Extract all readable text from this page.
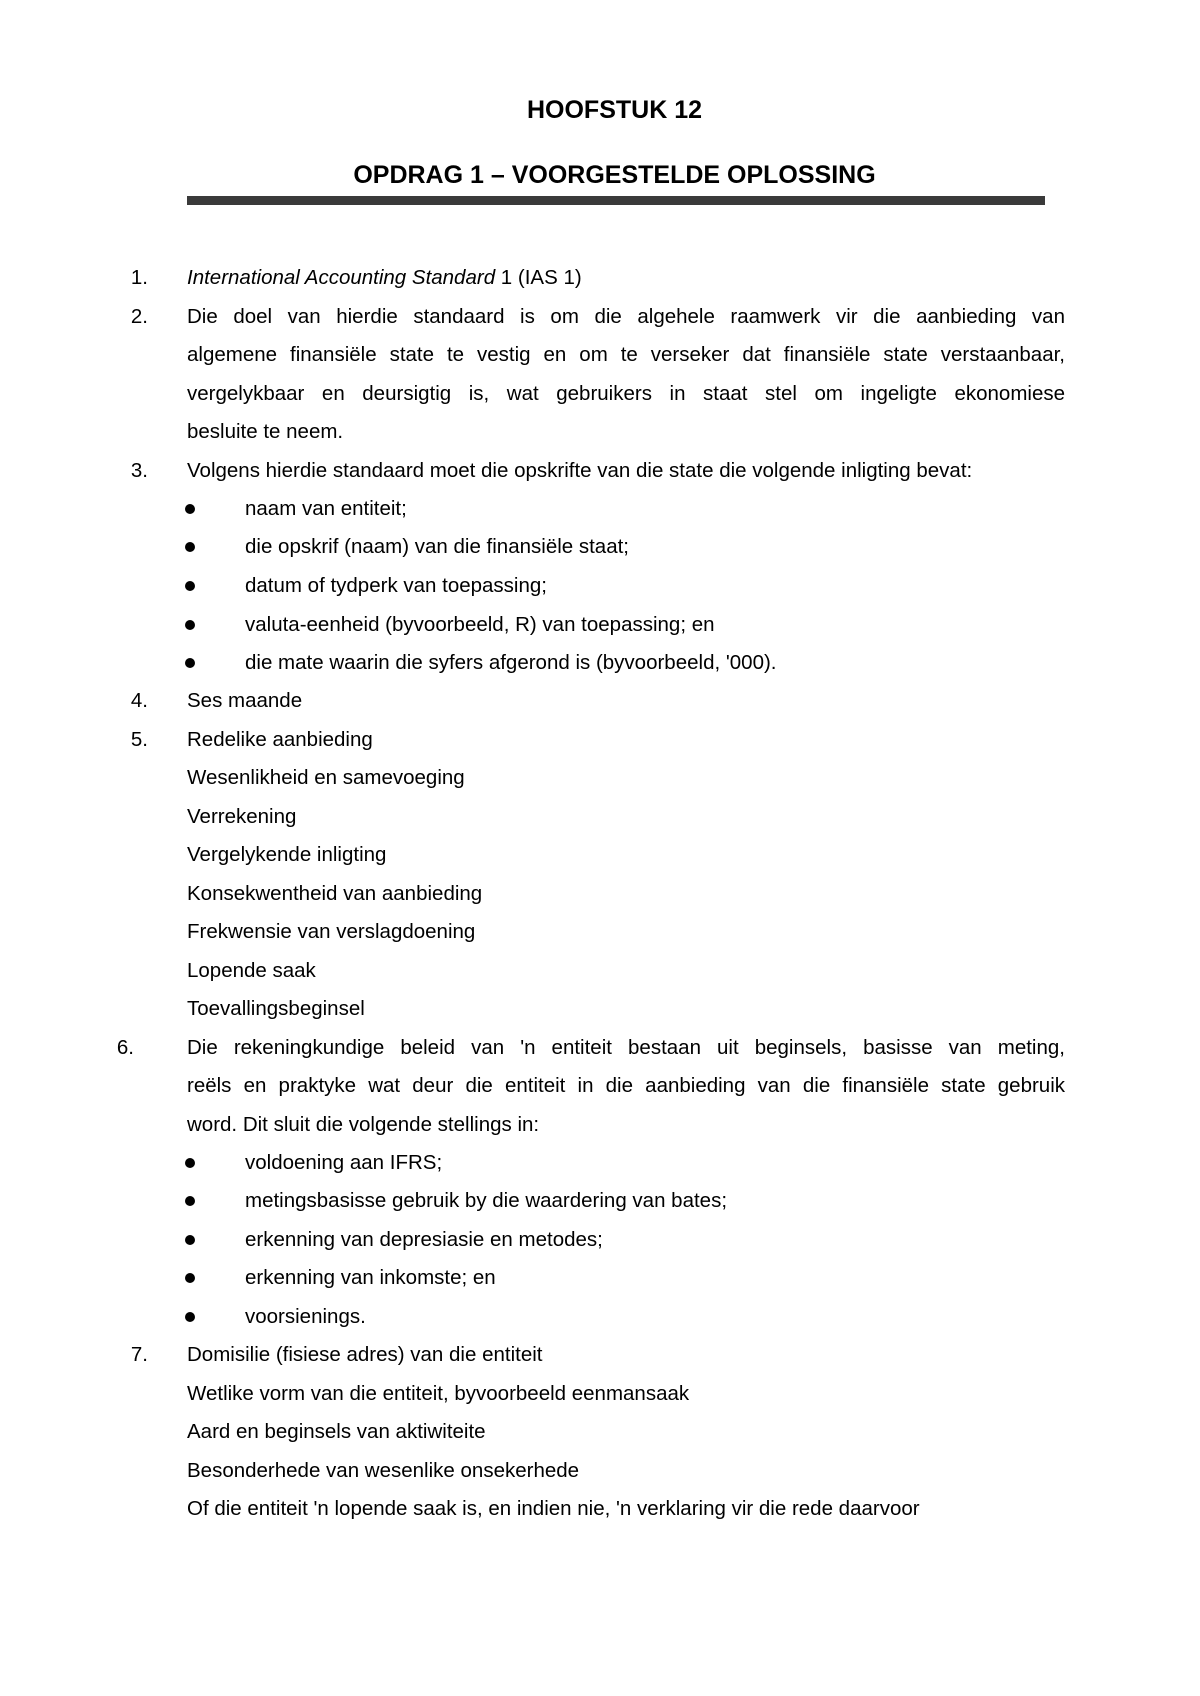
HOOFSTUK 12
OPDRAG 1 – VOORGESTELDE OPLOSSING
1. International Accounting Standard 1 (IAS 1)
2. Die doel van hierdie standaard is om die algehele raamwerk vir die aanbieding van
algemene finansiële state te vestig en om te verseker dat finansiële state verstaanbaar,
vergelykbaar en deursigtig is, wat gebruikers in staat stel om ingeligte ekonomiese
besluite te neem.
3. Volgens hierdie standaard moet die opskrifte van die state die volgende inligting bevat:
naam van entiteit;
die opskrif (naam) van die finansiële staat;
datum of tydperk van toepassing;
valuta-eenheid (byvoorbeeld, R) van toepassing; en
die mate waarin die syfers afgerond is (byvoorbeeld, '000).
4. Ses maande
5. Redelike aanbieding
Wesenlikheid en samevoeging
Verrekening
Vergelykende inligting
Konsekwentheid van aanbieding
Frekwensie van verslagdoening
Lopende saak
Toevallingsbeginsel
6.	Die rekeningkundige beleid van 'n entiteit bestaan uit beginsels, basisse van meting,
reëls en praktyke wat deur die entiteit in die aanbieding van die finansiële state gebruik
word. Dit sluit die volgende stellings in:
voldoening aan IFRS;
metingsbasisse gebruik by die waardering van bates;
erkenning van depresiasie en metodes;
erkenning van inkomste; en
voorsienings.
7. Domisilie (fisiese adres) van die entiteit
Wetlike vorm van die entiteit, byvoorbeeld eenmansaak
Aard en beginsels van aktiwiteite
Besonderhede van wesenlike onsekerhede
Of die entiteit 'n lopende saak is, en indien nie, 'n verklaring vir die rede daarvoor
